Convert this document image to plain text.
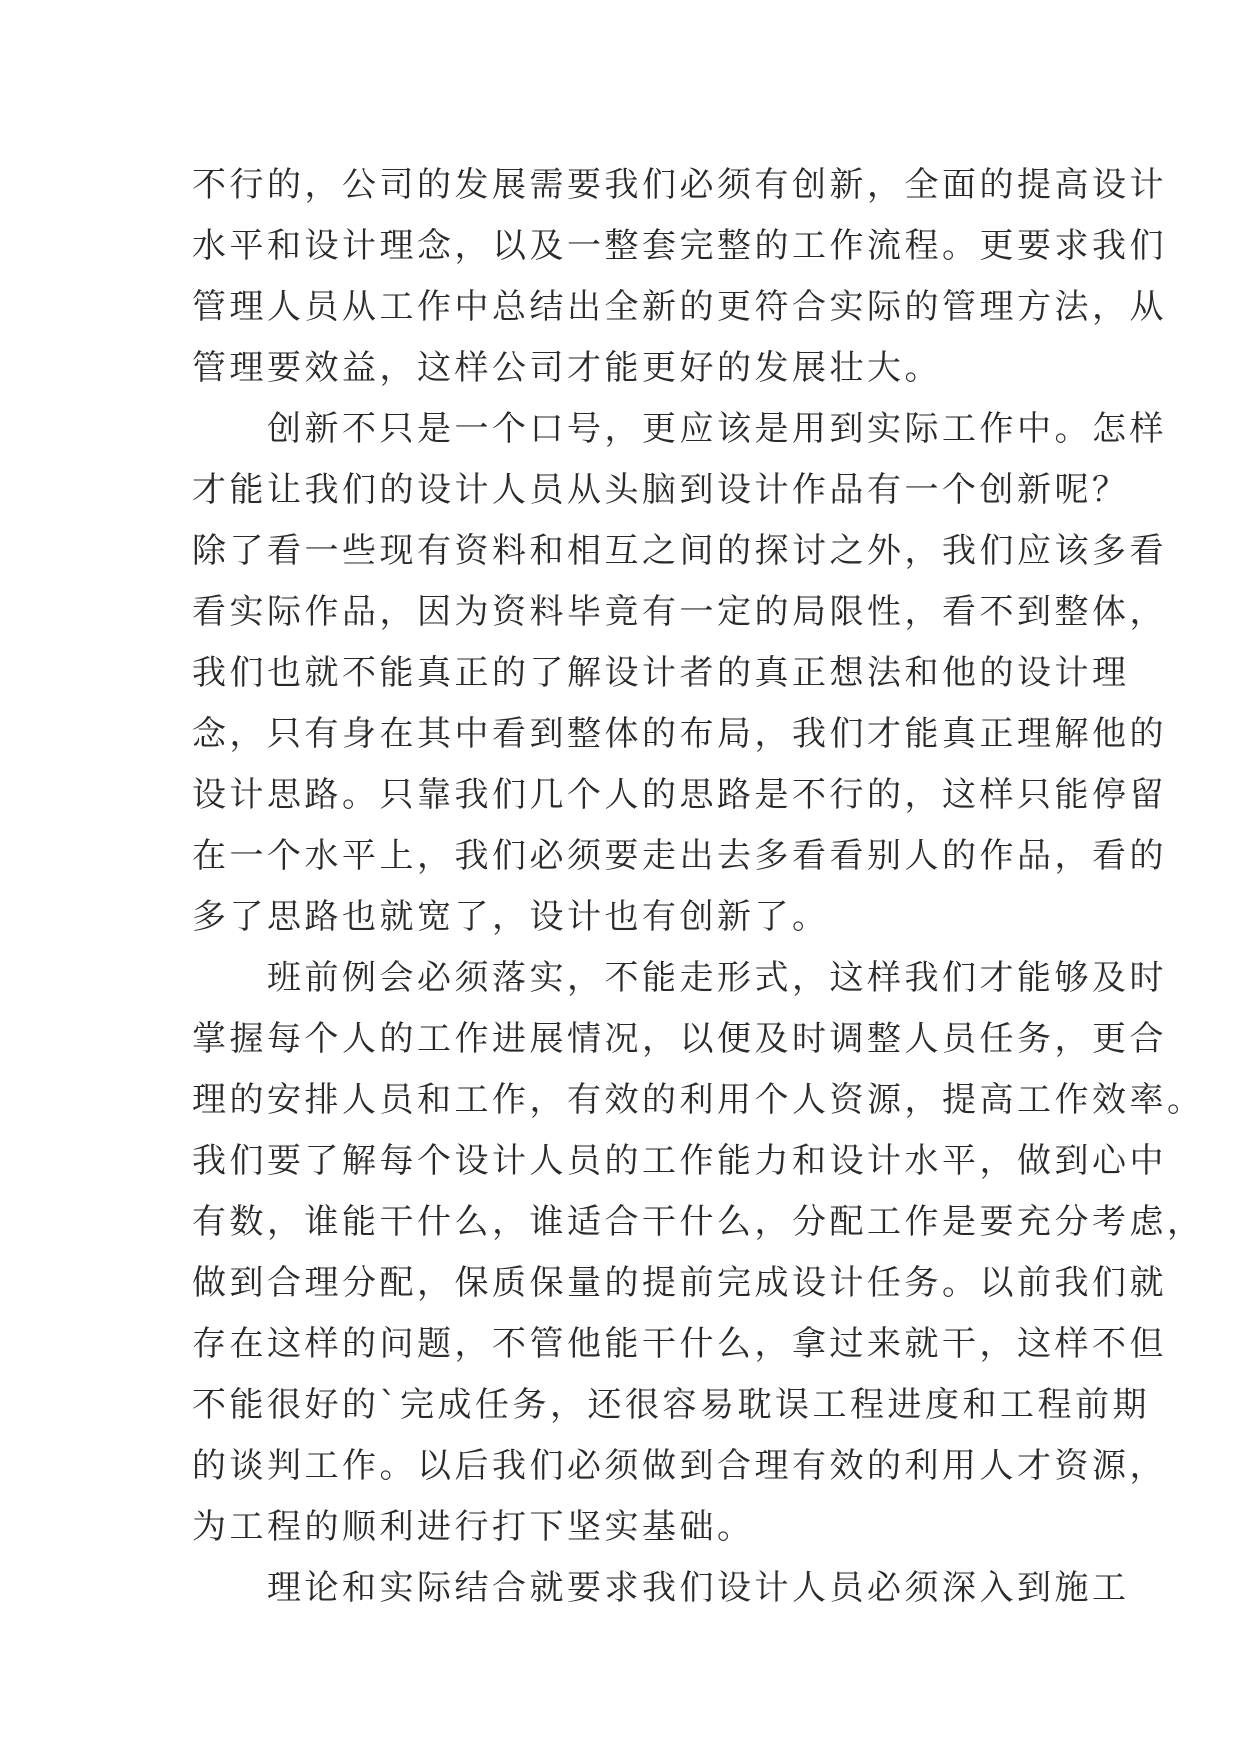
不行的，公司的发展需要我们必须有创新，全面的提高设计
水平和设计理念，以及一整套完整的工作流程。更要求我们
管理人员从工作中总结出全新的更符合实际的管理方法，从
管理要效益，这样公司才能更好的发展壮大。
　　创新不只是一个口号，更应该是用到实际工作中。怎样
才能让我们的设计人员从头脑到设计作品有一个创新呢？
除了看一些现有资料和相互之间的探讨之外，我们应该多看
看实际作品，因为资料毕竟有一定的局限性，看不到整体，
我们也就不能真正的了解设计者的真正想法和他的设计理
念，只有身在其中看到整体的布局，我们才能真正理解他的
设计思路。只靠我们几个人的思路是不行的，这样只能停留
在一个水平上，我们必须要走出去多看看别人的作品，看的
多了思路也就宽了，设计也有创新了。
　　班前例会必须落实，不能走形式，这样我们才能够及时
掌握每个人的工作进展情况，以便及时调整人员任务，更合
理的安排人员和工作，有效的利用个人资源，提高工作效率。
我们要了解每个设计人员的工作能力和设计水平，做到心中
有数，谁能干什么，谁适合干什么，分配工作是要充分考虑，
做到合理分配，保质保量的提前完成设计任务。以前我们就
存在这样的问题，不管他能干什么，拿过来就干，这样不但
不能很好的`完成任务，还很容易耽误工程进度和工程前期
的谈判工作。以后我们必须做到合理有效的利用人才资源，
为工程的顺利进行打下坚实基础。
　　理论和实际结合就要求我们设计人员必须深入到施工
